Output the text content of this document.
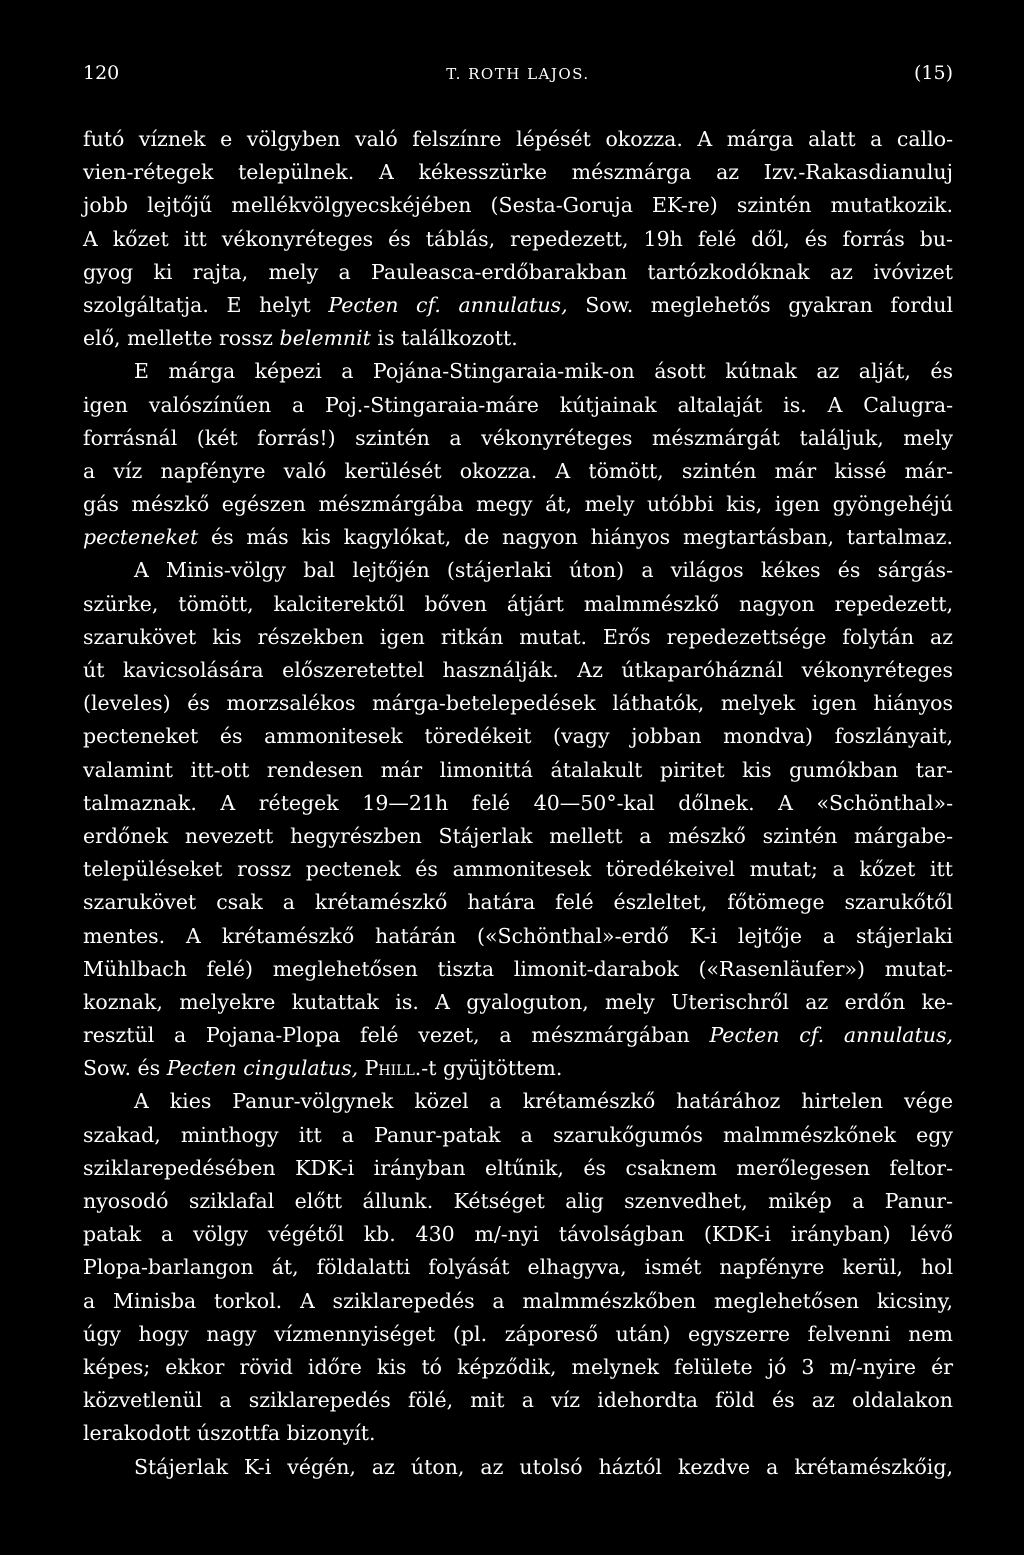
120	T. ROTH LAJOS.	(15)
futó víznek e völgyben való felszínre lépését okozza. A márga alatt a callo-
vien-rétegek települnek. A kékesszürke mészmárga az Izv.-Rakasdianuluj
jobb lejtőjű mellékvölgyecskéjében (Sesta-Goruja EK-re) szintén mutatkozik.
A kőzet itt vékonyréteges és táblás, repedezett, 19h felé dől, és forrás bu-
gyog ki rajta, mely a Pauleasca-erdőbarakban tartózkodóknak az ivóvizet
szolgáltatja. E helyt Pecten cf. annulatus, Sow. meglehetős gyakran fordul
elő, mellette rossz belemnit is találkozott.
E márga képezi a Pojána-Stingaraia-mik-on ásott kútnak az alját, és
igen valószínűen a Poj.-Stingaraia-máre kútjainak altalaját is. A Calugra-
forrásnál (két forrás!) szintén a vékonyréteges mészmárgát találjuk, mely
a víz napfényre való kerülését okozza. A tömött, szintén már kissé már-
gás mészkő egészen mészmárgába megy át, mely utóbbi kis, igen gyöngehéjú
pecteneket és más kis kagylókat, de nagyon hiányos megtartásban, tartalmaz.
A Minis-völgy bal lejtőjén (stájerlaki úton) a világos kékes és sárgás-
szürke, tömött, kalciterektől bőven átjárt malmmészkő nagyon repedezett,
szarukövet kis részekben igen ritkán mutat. Erős repedezettsége folytán az
út kavicsolására előszeretettel használják. Az útkaparóháznál vékonyréteges
(leveles) és morzsalékos márga-betelepedések láthatók, melyek igen hiányos
pecteneket és ammonitesek töredékeit (vagy jobban mondva) foszlányait,
valamint itt-ott rendesen már limonittá átalakult piritet kis gumókban tar-
talmaznak. A rétegek 19—21h felé 40—50°-kal dőlnek. A «Schönthal»-
erdőnek nevezett hegyrészben Stájerlak mellett a mészkő szintén márgabe-
településeket rossz pectenek és ammonitesek töredékeivel mutat; a kőzet itt
szarukövet csak a krétamészkő határa felé észleltet, főtömege szarukőtől
mentes. A krétamészkő határán («Schönthal»-erdő K-i lejtője a stájerlaki
Mühlbach felé) meglehetősen tiszta limonit-darabok («Rasenläufer») mutat-
koznak, melyekre kutattak is. A gyaloguton, mely Uterischről az erdőn ke-
resztül a Pojana-Plopa felé vezet, a mészmárgában Pecten cf. annulatus,
Sow. és Pecten cingulatus, Phill.-t gyüjtöttem.
A kies Panur-völgynek közel a krétamészkő határához hirtelen vége
szakad, minthogy itt a Panur-patak a szarukőgumós malmmészkőnek egy
sziklarepedésében KDK-i irányban eltűnik, és csaknem merőlegesen feltor-
nyosodó sziklafal előtt állunk. Kétséget alig szenvedhet, mikép a Panur-
patak a völgy végétől kb. 430 m/-nyi távolságban (KDK-i irányban) lévő
Plopa-barlangon át, földalatti folyását elhagyva, ismét napfényre kerül, hol
a Minisba torkol. A sziklarepedés a malmmészkőben meglehetősen kicsiny,
úgy hogy nagy vízmennyiséget (pl. záporeső után) egyszerre felvenni nem
képes; ekkor rövid időre kis tó képződik, melynek felülete jó 3 m/-nyire ér
közvetlenül a sziklarepedés fölé, mit a víz idehordta föld és az oldalakon
lerakodott úszottfa bizonyít.
Stájerlak K-i végén, az úton, az utolsó háztól kezdve a krétamészkőig,
